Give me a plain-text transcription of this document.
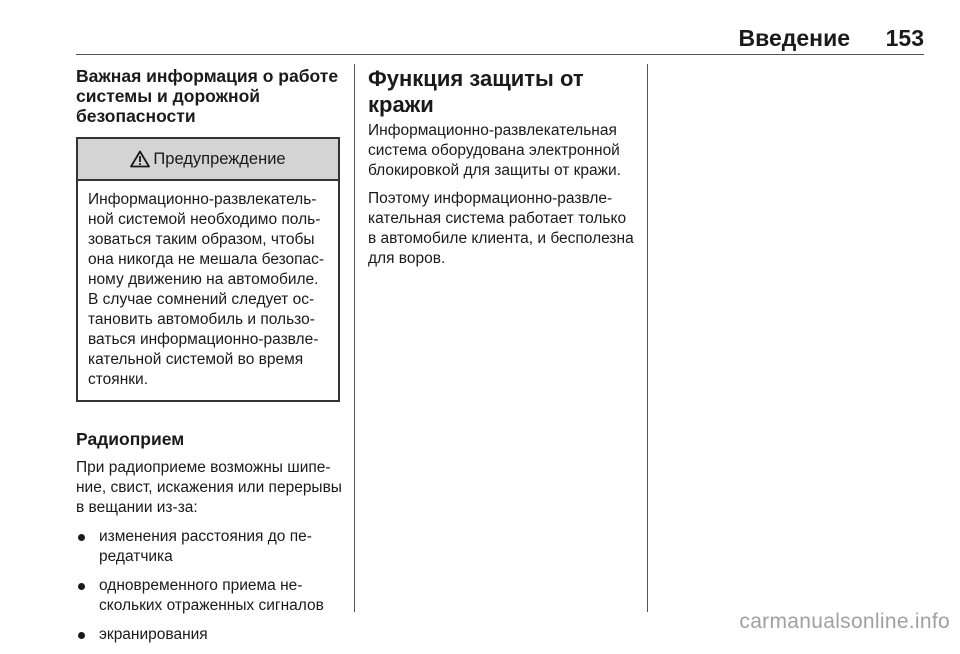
Введение	153
Важная информация о работе системы и дорожной безопасности
Предупреждение
Информационно-развлекательной системой необходимо пользоваться таким образом, чтобы она никогда не мешала безопасному движению на автомобиле. В случае сомнений следует остановить автомобиль и пользоваться информационно-развлекательной системой во время стоянки.
Радиоприем

При радиоприеме возможны шипение, свист, искажения или перерывы в вещании из-за:

изменения расстояния до передатчика
одновременного приема нескольких отраженных сигналов
экранирования
Функция защиты от кражи

Информационно-развлекательная система оборудована электронной блокировкой для защиты от кражи.

Поэтому информационно-развлекательная система работает только в автомобиле клиента, и бесполезна для воров.

carmanualsonline.info
